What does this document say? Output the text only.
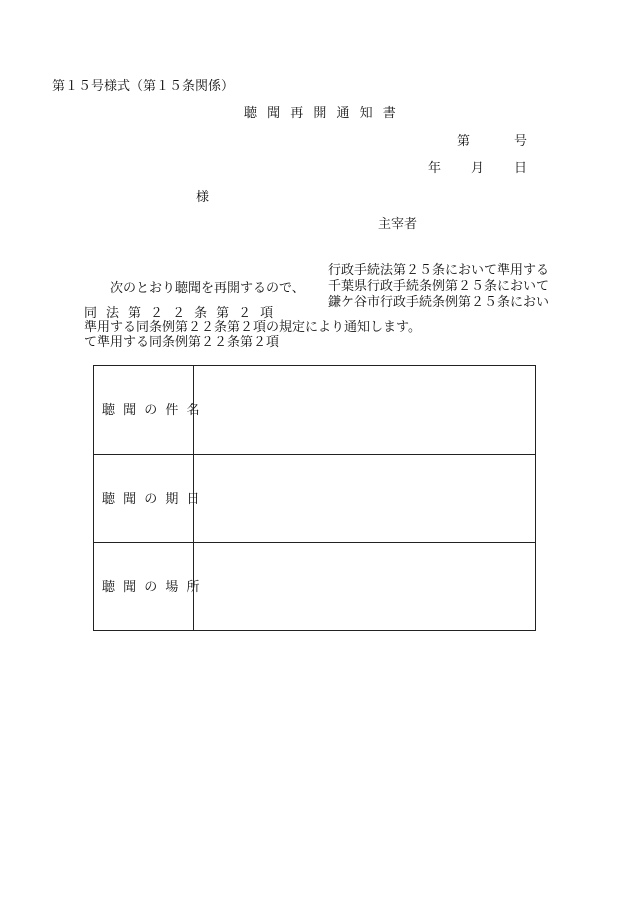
第１５号様式（第１５条関係）
聴 聞 再 開 通 知 書
第	号
年 月 日
様
主宰者
行政手続法第２５条において準用する
千葉県行政手続条例第２５条において
鎌ケ谷市行政手続条例第２５条におい
次のとおり聴聞を再開するので、
同 法 第 ２ ２ 条 第 ２ 項
準用する同条例第２２条第２項の規定により通知します。
て準用する同条例第２２条第２項
聴 聞 の 件 名
聴 聞 の 期 日
聴 聞 の 場 所
